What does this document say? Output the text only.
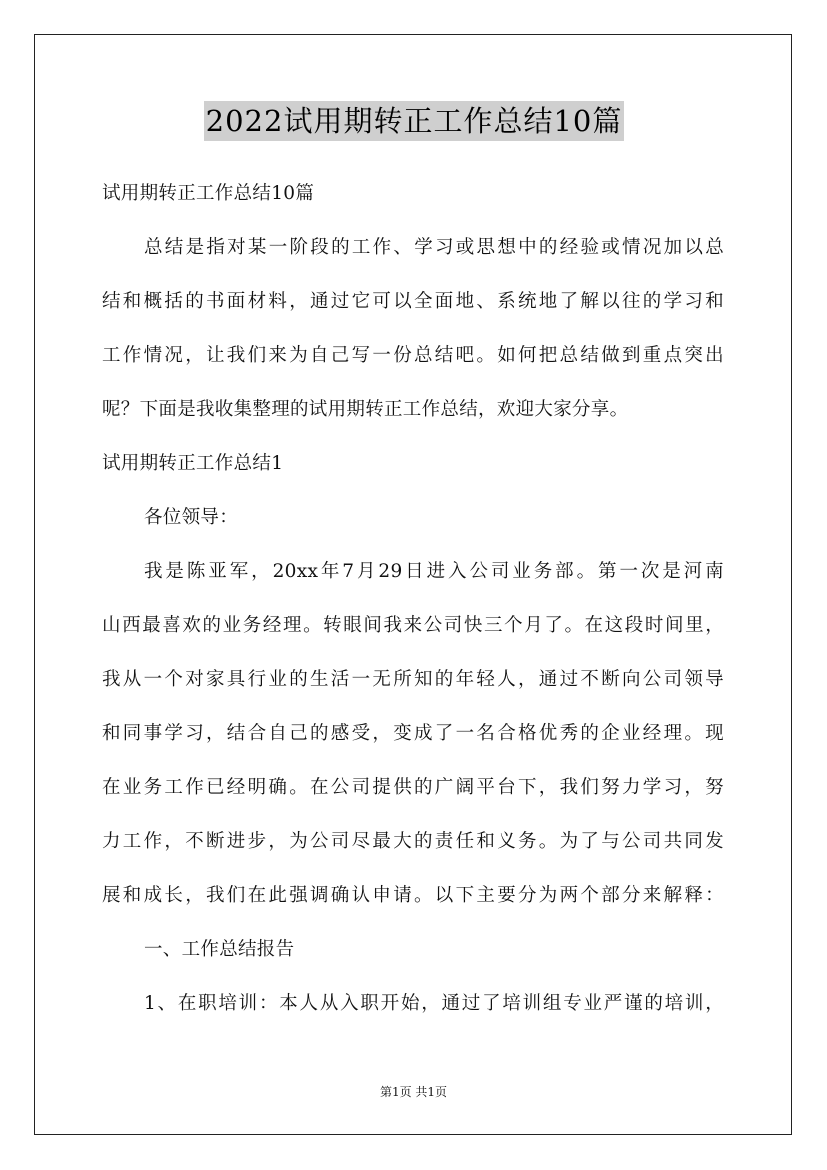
2022试用期转正工作总结10篇
试用期转正工作总结10篇
总结是指对某一阶段的工作、学习或思想中的经验或情况加以总
结和概括的书面材料，通过它可以全面地、系统地了解以往的学习和
工作情况，让我们来为自己写一份总结吧。如何把总结做到重点突出
呢？下面是我收集整理的试用期转正工作总结，欢迎大家分享。
试用期转正工作总结1
各位领导：
我是陈亚军，20xx年7月29日进入公司业务部。第一次是河南
山西最喜欢的业务经理。转眼间我来公司快三个月了。在这段时间里，
我从一个对家具行业的生活一无所知的年轻人，通过不断向公司领导
和同事学习，结合自己的感受，变成了一名合格优秀的企业经理。现
在业务工作已经明确。在公司提供的广阔平台下，我们努力学习，努
力工作，不断进步，为公司尽最大的责任和义务。为了与公司共同发
展和成长，我们在此强调确认申请。以下主要分为两个部分来解释：
一、工作总结报告
1、在职培训：本人从入职开始，通过了培训组专业严谨的培训，
第1页 共1页
